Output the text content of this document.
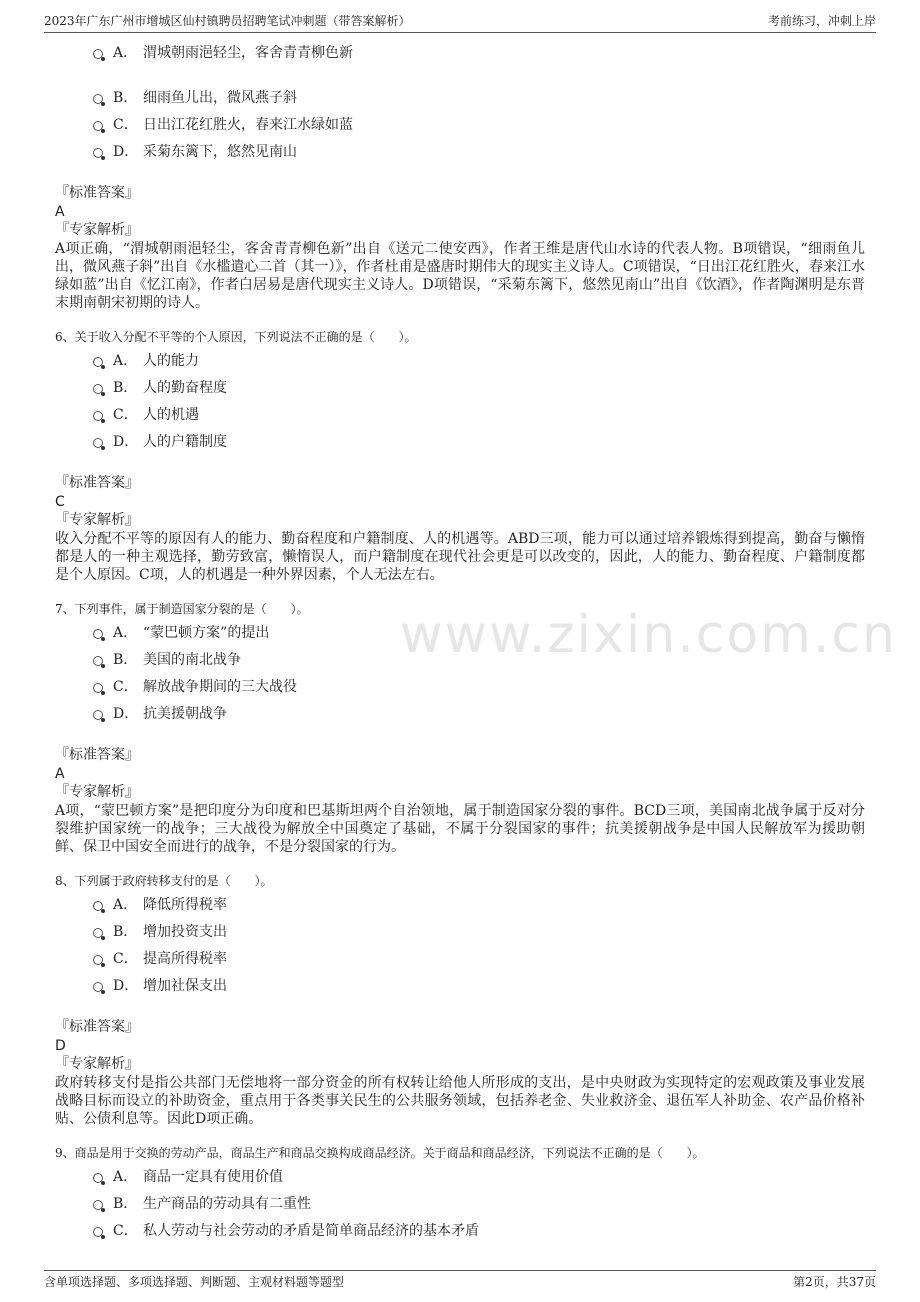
2023年广东广州市增城区仙村镇聘员招聘笔试冲刺题（带答案解析）	考前练习，冲刺上岸
www.zixin.com.cn
A． 渭城朝雨浥轻尘，客舍青青柳色新
B． 细雨鱼儿出，微风燕子斜
C． 日出江花红胜火，春来江水绿如蓝
D． 采菊东篱下，悠然见南山
『标准答案』
A
『专家解析』
A项正确，“渭城朝雨浥轻尘，客舍青青柳色新”出自《送元二使安西》，作者王维是唐代山水诗的代表人物。B项错误，“细雨鱼儿出，微风燕子斜”出自《水槛遣心二首（其一）》，作者杜甫是盛唐时期伟大的现实主义诗人。C项错误，“日出江花红胜火，春来江水绿如蓝”出自《忆江南》，作者白居易是唐代现实主义诗人。D项错误，“采菊东篱下，悠然见南山”出自《饮酒》，作者陶渊明是东晋末期南朝宋初期的诗人。
6、关于收入分配不平等的个人原因，下列说法不正确的是（　　）。
A． 人的能力
B． 人的勤奋程度
C． 人的机遇
D． 人的户籍制度
『标准答案』
C
『专家解析』
收入分配不平等的原因有人的能力、勤奋程度和户籍制度、人的机遇等。ABD三项，能力可以通过培养锻炼得到提高，勤奋与懒惰都是人的一种主观选择，勤劳致富，懒惰误人，而户籍制度在现代社会更是可以改变的，因此，人的能力、勤奋程度、户籍制度都是个人原因。C项，人的机遇是一种外界因素，个人无法左右。
7、下列事件，属于制造国家分裂的是（　　）。
A． “蒙巴顿方案”的提出
B． 美国的南北战争
C． 解放战争期间的三大战役
D． 抗美援朝战争
『标准答案』
A
『专家解析』
A项，“蒙巴顿方案”是把印度分为印度和巴基斯坦两个自治领地，属于制造国家分裂的事件。BCD三项，美国南北战争属于反对分裂维护国家统一的战争；三大战役为解放全中国奠定了基础，不属于分裂国家的事件；抗美援朝战争是中国人民解放军为援助朝鲜、保卫中国安全而进行的战争，不是分裂国家的行为。
8、下列属于政府转移支付的是（　　）。
A． 降低所得税率
B． 增加投资支出
C． 提高所得税率
D． 增加社保支出
『标准答案』
D
『专家解析』
政府转移支付是指公共部门无偿地将一部分资金的所有权转让给他人所形成的支出，是中央财政为实现特定的宏观政策及事业发展战略目标而设立的补助资金，重点用于各类事关民生的公共服务领域，包括养老金、失业救济金、退伍军人补助金、农产品价格补贴、公债利息等。因此D项正确。
9、商品是用于交换的劳动产品，商品生产和商品交换构成商品经济。关于商品和商品经济，下列说法不正确的是（　　）。
A． 商品一定具有使用价值
B． 生产商品的劳动具有二重性
C． 私人劳动与社会劳动的矛盾是简单商品经济的基本矛盾
含单项选择题、多项选择题、判断题、主观材料题等题型	第2页，共37页
